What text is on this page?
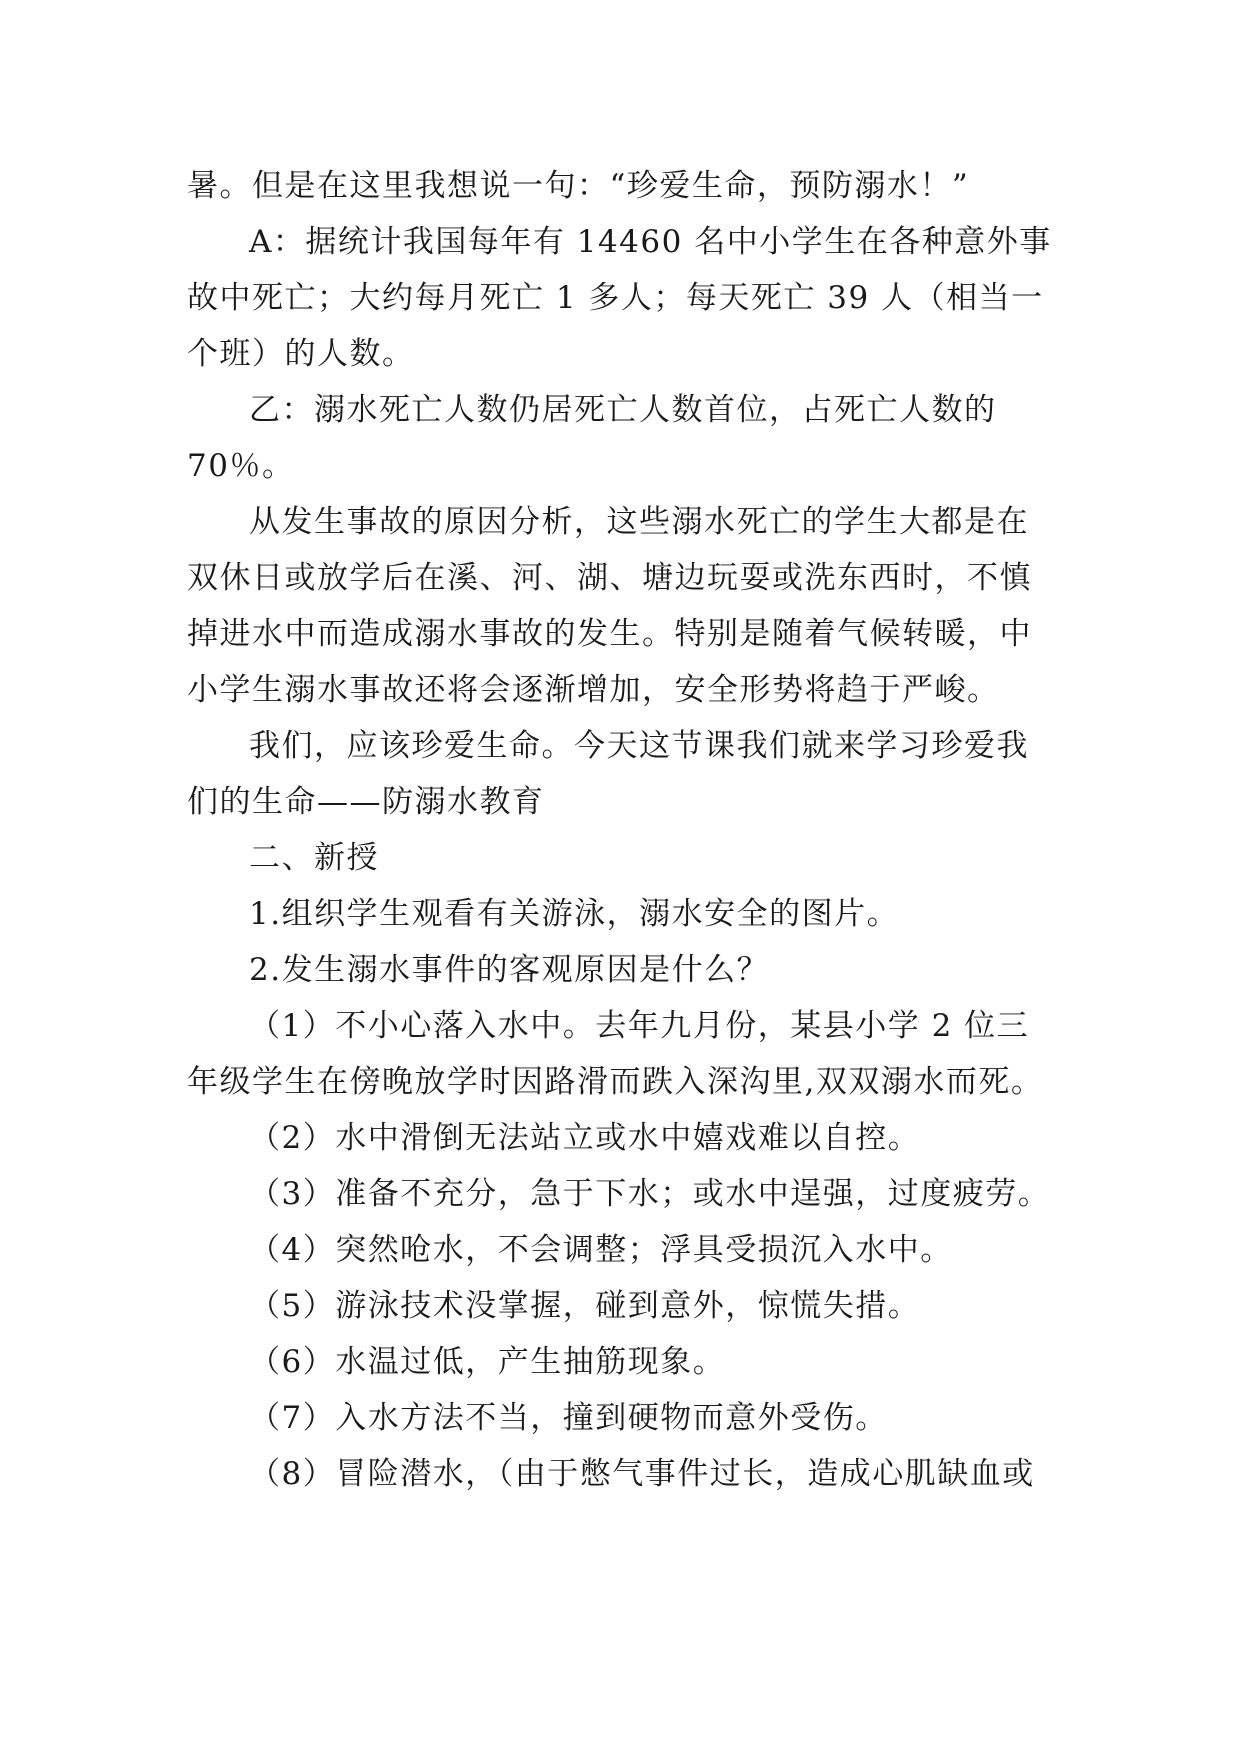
暑。但是在这里我想说一句：“珍爱生命，预防溺水！”
A：据统计我国每年有 14460 名中小学生在各种意外事
故中死亡；大约每月死亡 1 多人；每天死亡 39 人（相当一
个班）的人数。
乙：溺水死亡人数仍居死亡人数首位，占死亡人数的
70％。
从发生事故的原因分析，这些溺水死亡的学生大都是在
双休日或放学后在溪、河、湖、塘边玩耍或洗东西时，不慎
掉进水中而造成溺水事故的发生。特别是随着气候转暖，中
小学生溺水事故还将会逐渐增加，安全形势将趋于严峻。
我们，应该珍爱生命。今天这节课我们就来学习珍爱我
们的生命——防溺水教育
二、新授
1.组织学生观看有关游泳，溺水安全的图片。
2.发生溺水事件的客观原因是什么？
（1）不小心落入水中。去年九月份，某县小学 2 位三
年级学生在傍晚放学时因路滑而跌入深沟里,双双溺水而死。
（2）水中滑倒无法站立或水中嬉戏难以自控。
（3）准备不充分，急于下水；或水中逞强，过度疲劳。
（4）突然呛水，不会调整；浮具受损沉入水中。
（5）游泳技术没掌握，碰到意外，惊慌失措。
（6）水温过低，产生抽筋现象。
（7）入水方法不当，撞到硬物而意外受伤。
（8）冒险潜水，（由于憋气事件过长，造成心肌缺血或
